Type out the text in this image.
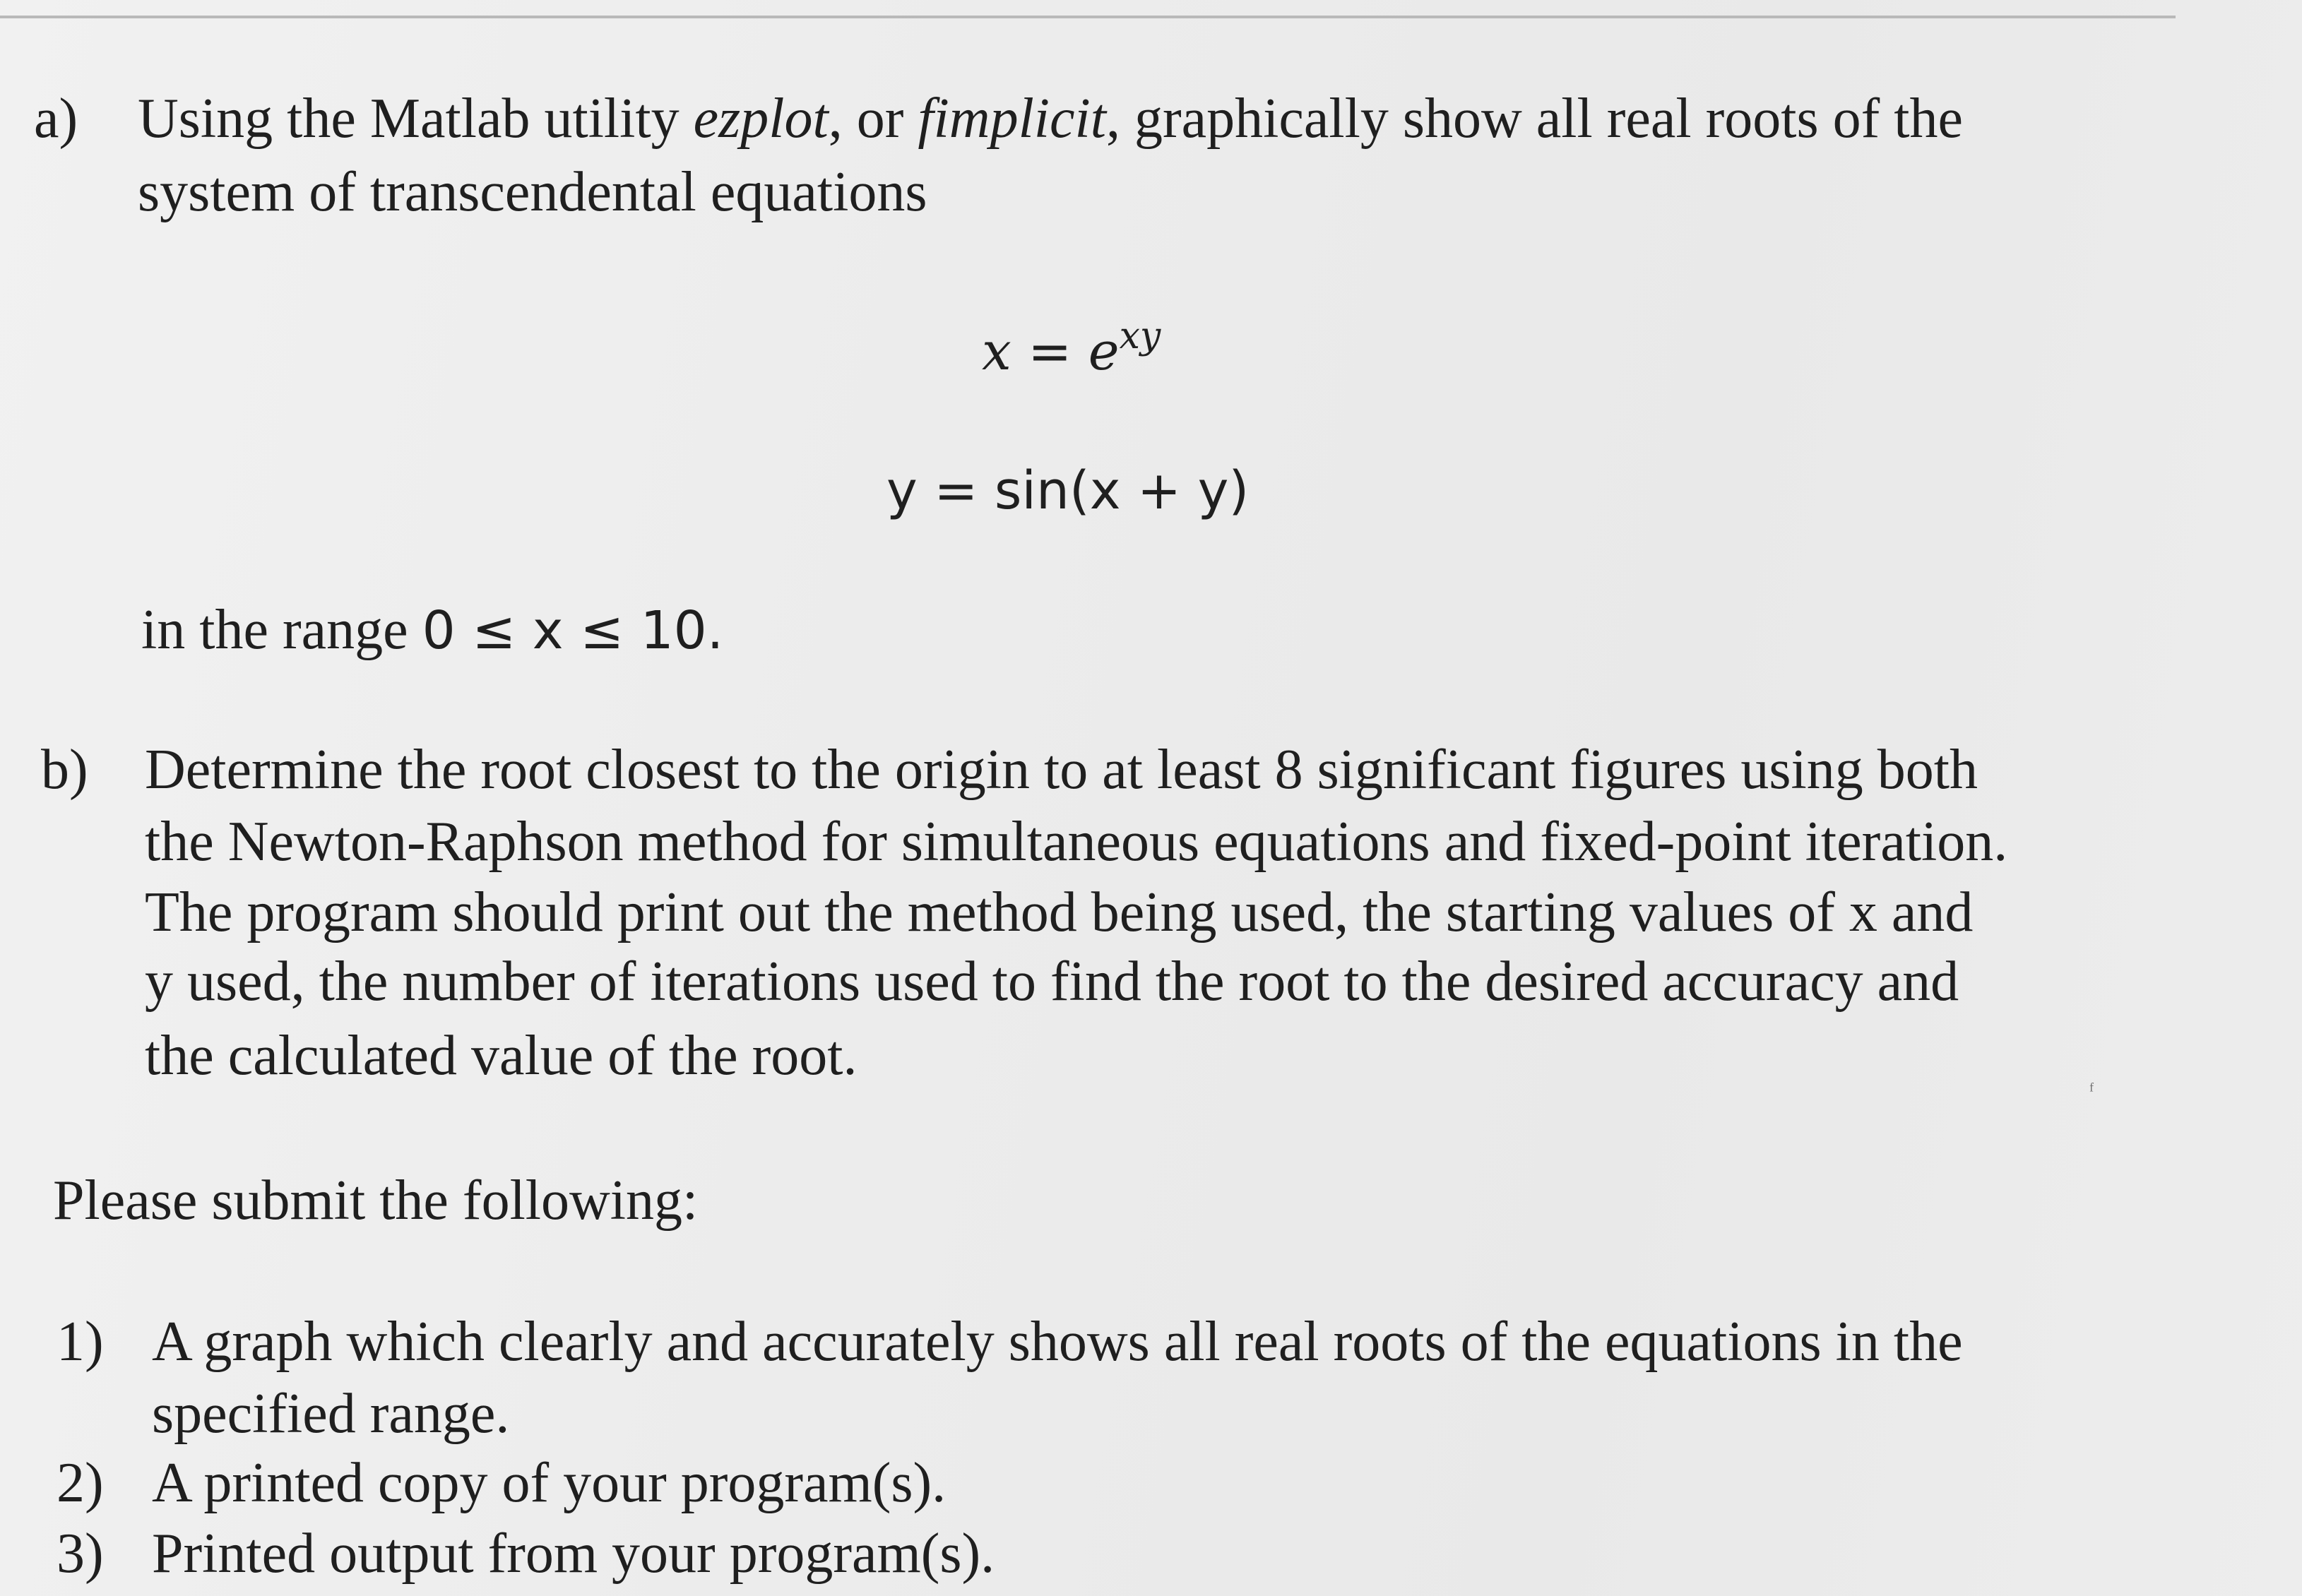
a) Using the Matlab utility ezplot, or fimplicit, graphically show all real roots of the
system of transcendental equations
$x = e^{xy}$
y = sin(x + y)
in the range 0 ≤ x ≤ 10.
b) Determine the root closest to the origin to at least 8 significant figures using both
the Newton-Raphson method for simultaneous equations and fixed-point iteration.
The program should print out the method being used, the starting values of x and
y used, the number of iterations used to find the root to the desired accuracy and
the calculated value of the root.
ᶠ
Please submit the following:
1) A graph which clearly and accurately shows all real roots of the equations in the
specified range.
2) A printed copy of your program(s).
3) Printed output from your program(s).
